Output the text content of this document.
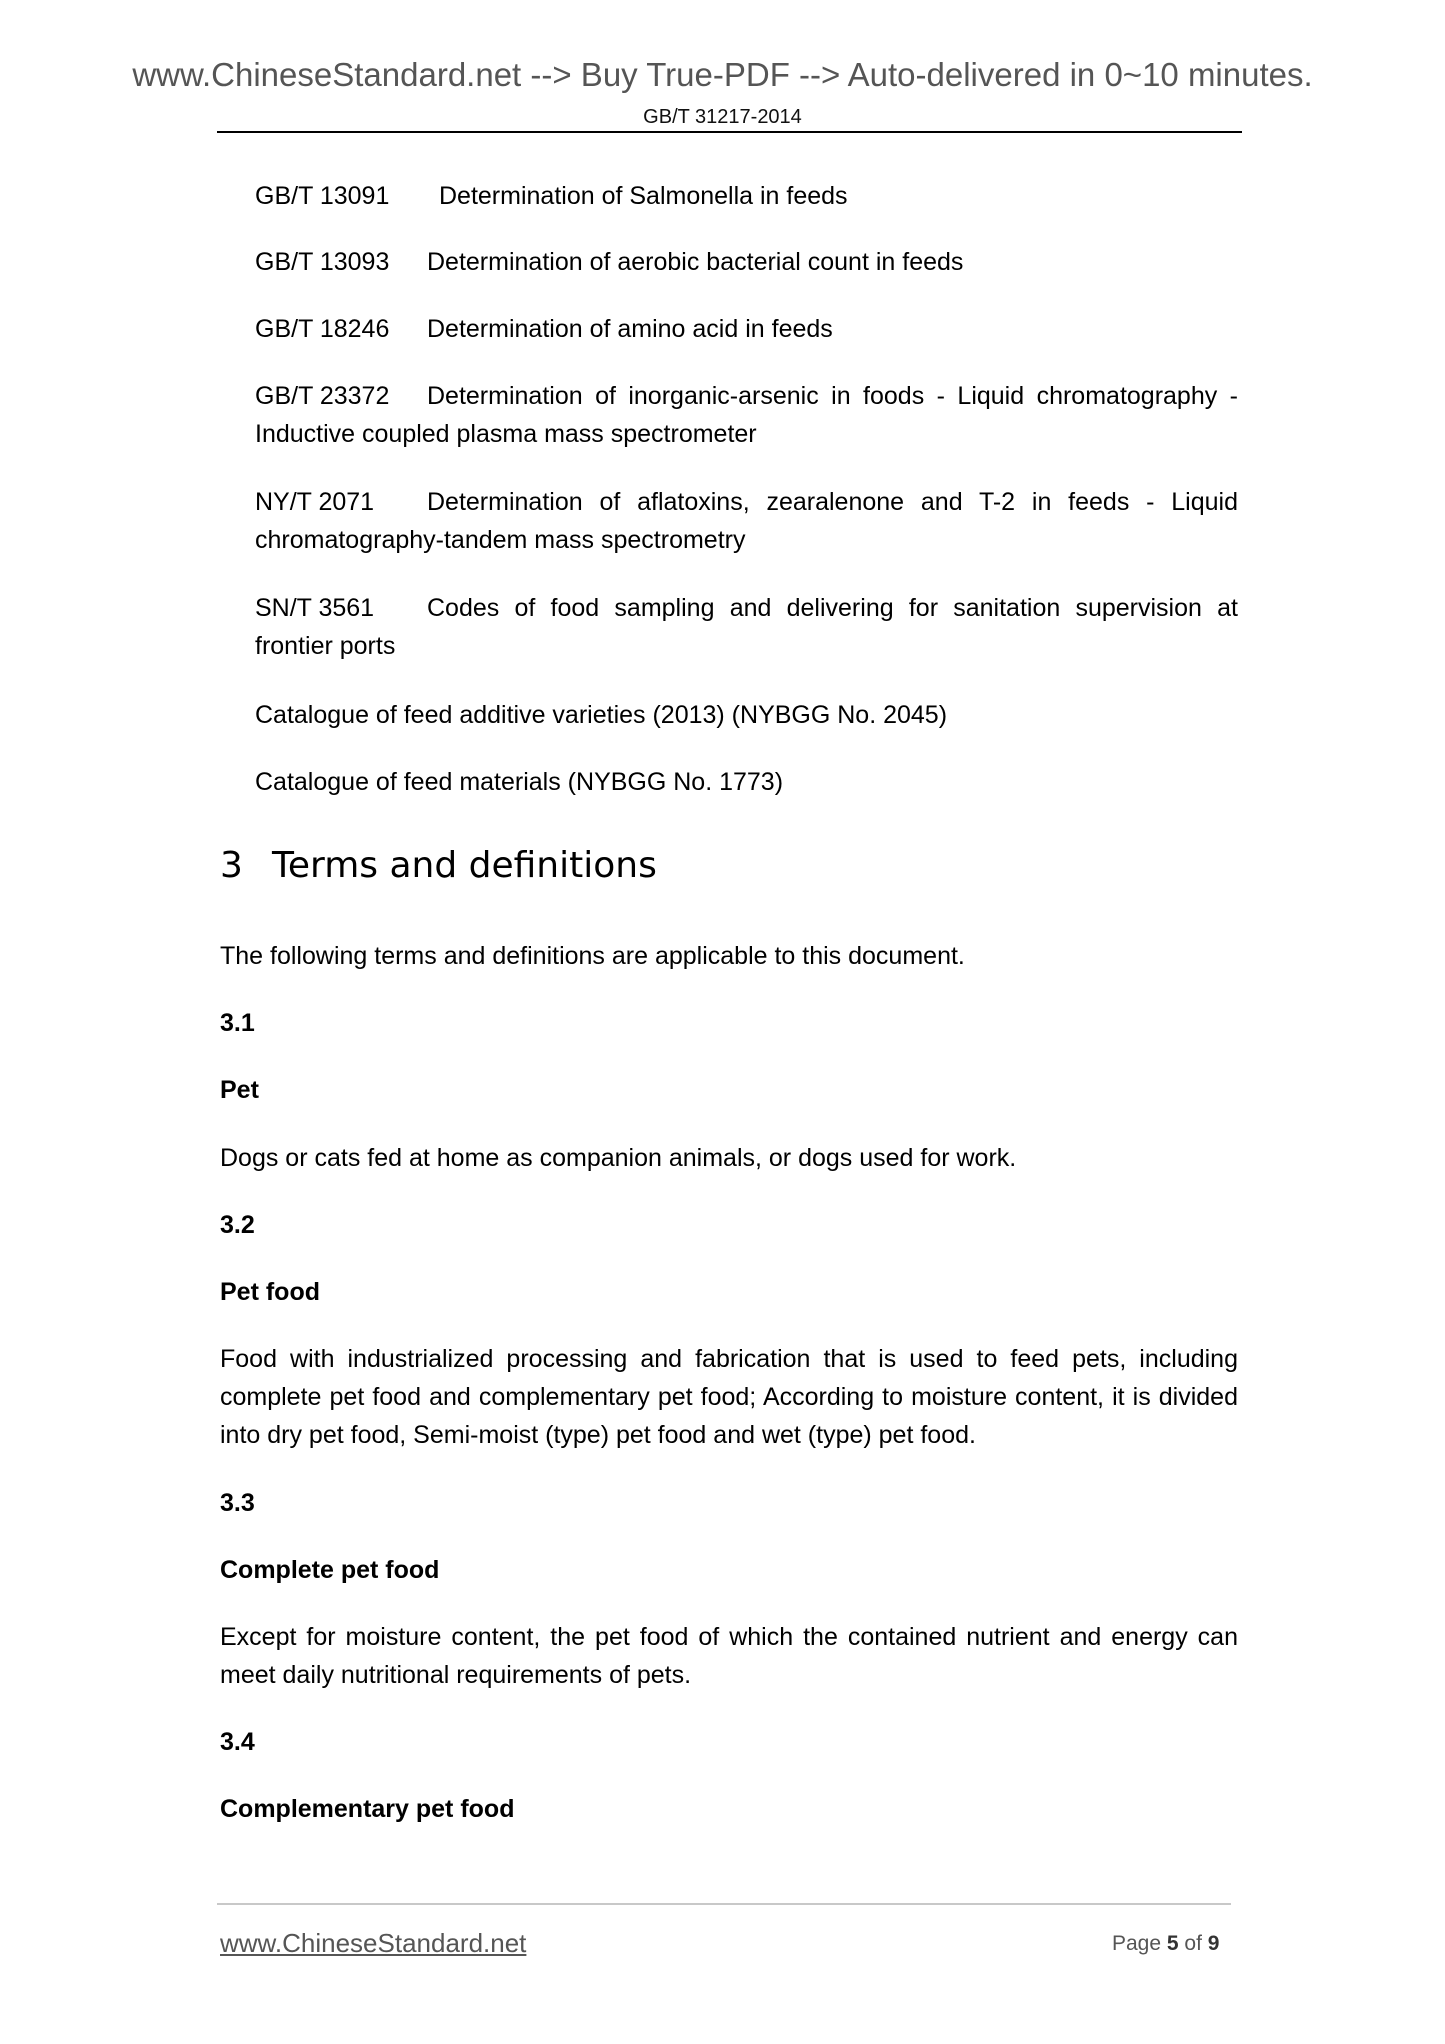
www.ChineseStandard.net --> Buy True-PDF --> Auto-delivered in 0~10 minutes.
GB/T 31217-2014
GB/T 13091 Determination of Salmonella in feeds
GB/T 13093 Determination of aerobic bacterial count in feeds
GB/T 18246 Determination of amino acid in feeds
GB/T 23372 Determination of inorganic-arsenic in foods - Liquid chromatography - Inductive coupled plasma mass spectrometer
NY/T 2071 Determination of aflatoxins, zearalenone and T-2 in feeds - Liquid chromatography-tandem mass spectrometry
SN/T 3561 Codes of food sampling and delivering for sanitation supervision at frontier ports
Catalogue of feed additive varieties (2013) (NYBGG No. 2045)
Catalogue of feed materials (NYBGG No. 1773)
3 Terms and definitions
The following terms and definitions are applicable to this document.
3.1
Pet
Dogs or cats fed at home as companion animals, or dogs used for work.
3.2
Pet food
Food with industrialized processing and fabrication that is used to feed pets, including complete pet food and complementary pet food; According to moisture content, it is divided into dry pet food, Semi-moist (type) pet food and wet (type) pet food.
3.3
Complete pet food
Except for moisture content, the pet food of which the contained nutrient and energy can meet daily nutritional requirements of pets.
3.4
Complementary pet food
www.ChineseStandard.net	Page 5 of 9
